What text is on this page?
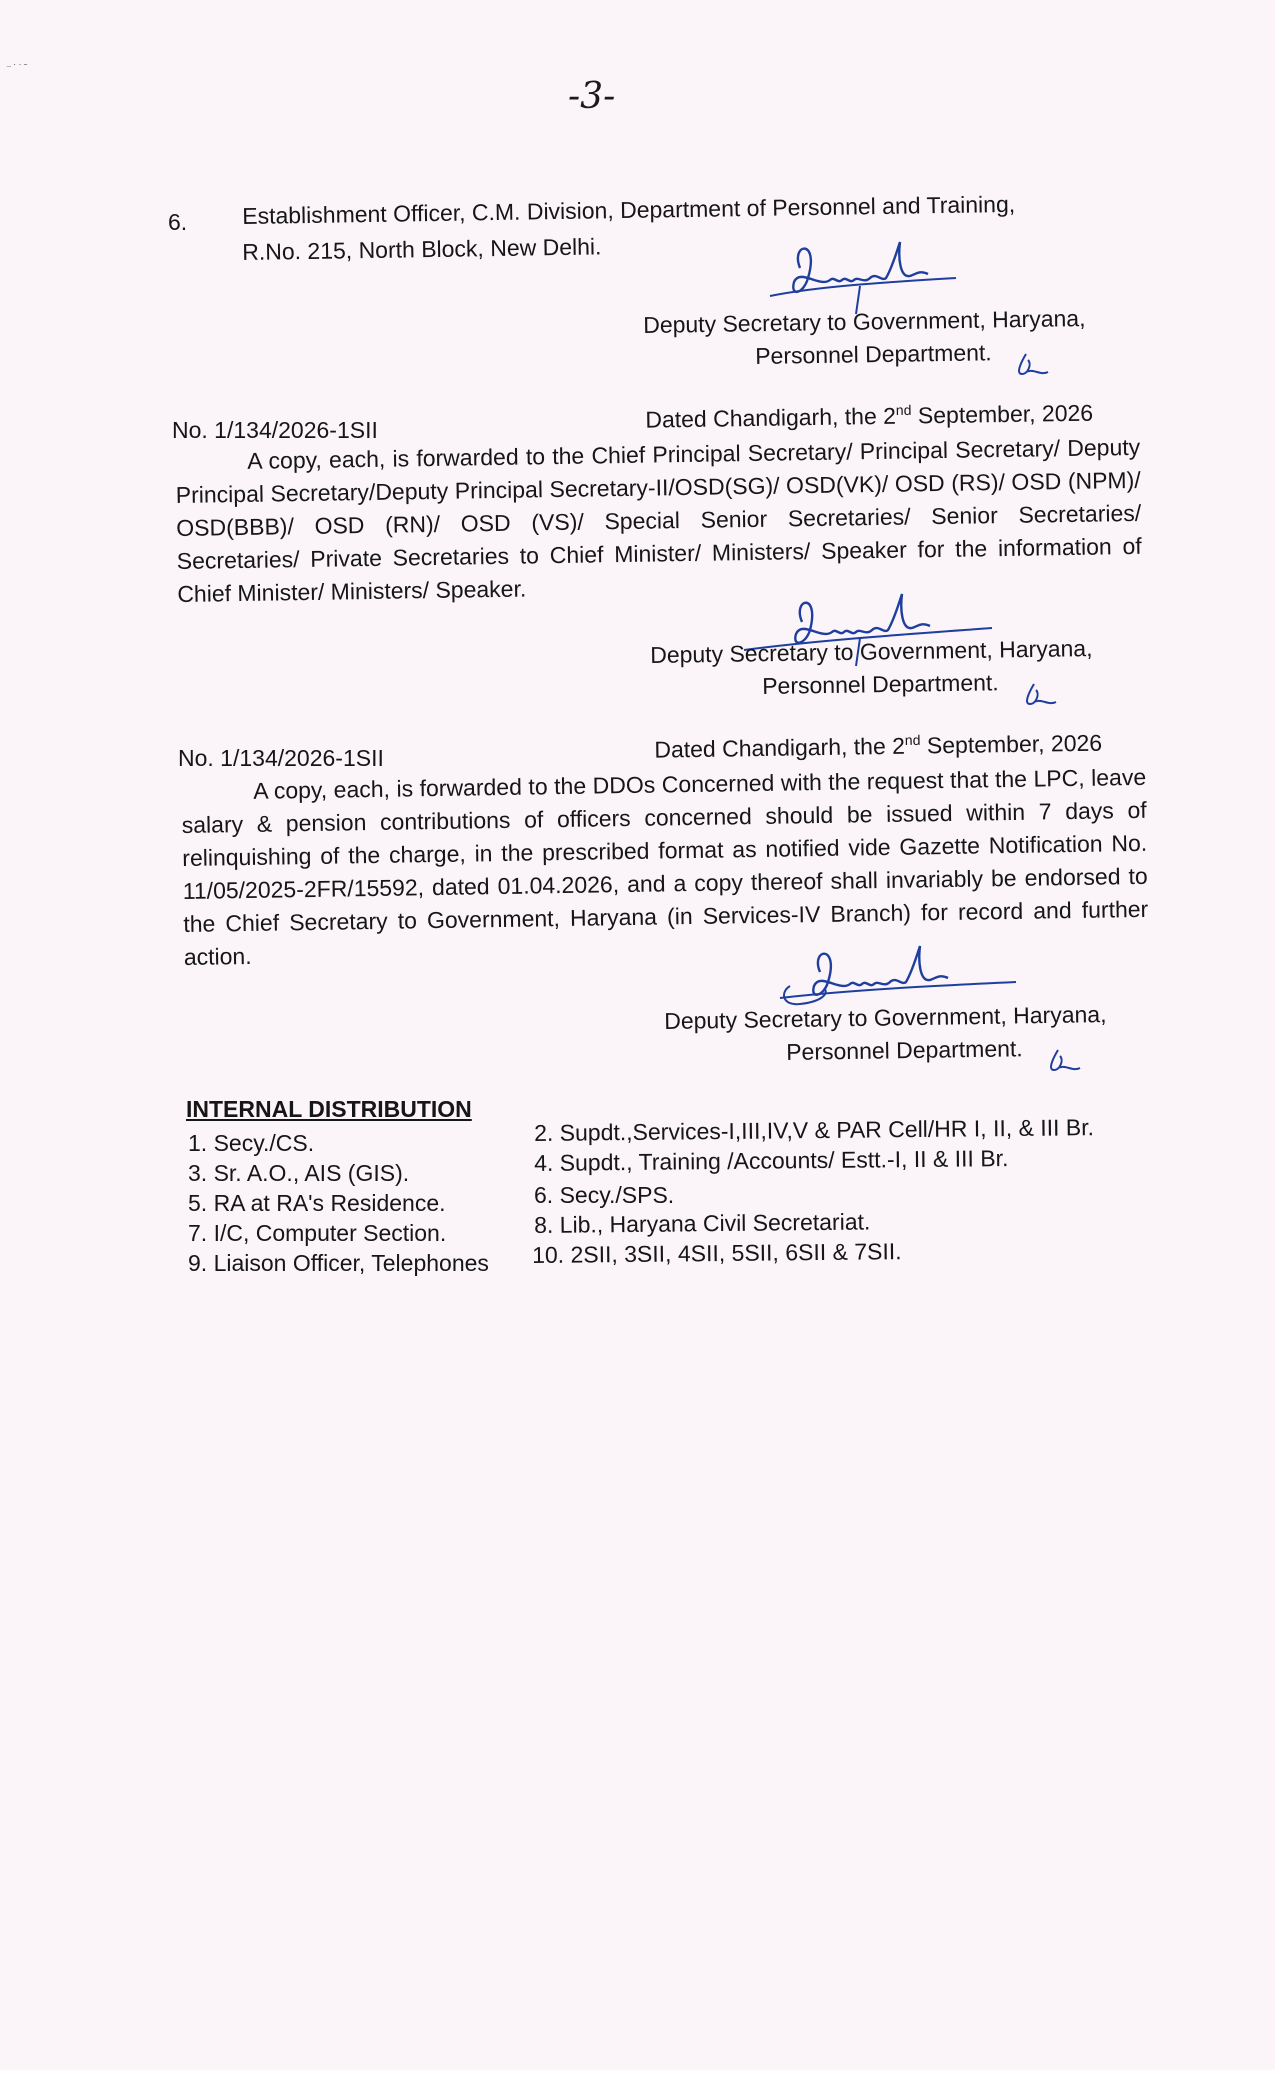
⁻˙˙ˉ
-3-
6. Establishment Officer, C.M. Division, Department of Personnel and Training,
R.No. 215, North Block, New Delhi.
Deputy Secretary to Government, Haryana,
Personnel Department.
No. 1/134/2026-1SII	Dated Chandigarh, the 2nd September, 2026
A copy, each, is forwarded to the Chief Principal Secretary/ Principal Secretary/ Deputy Principal Secretary/Deputy Principal Secretary-II/OSD(SG)/ OSD(VK)/ OSD (RS)/ OSD (NPM)/ OSD(BBB)/ OSD (RN)/ OSD (VS)/ Special Senior Secretaries/ Senior Secretaries/ Secretaries/ Private Secretaries to Chief Minister/ Ministers/ Speaker for the information of Chief Minister/ Ministers/ Speaker.
Deputy Secretary to Government, Haryana,
Personnel Department.
No. 1/134/2026-1SII	Dated Chandigarh, the 2nd September, 2026
A copy, each, is forwarded to the DDOs Concerned with the request that the LPC, leave salary & pension contributions of officers concerned should be issued within 7 days of relinquishing of the charge, in the prescribed format as notified vide Gazette Notification No. 11/05/2025-2FR/15592, dated 01.04.2026, and a copy thereof shall invariably be endorsed to the Chief Secretary to Government, Haryana (in Services-IV Branch) for record and further action.
Deputy Secretary to Government, Haryana,
Personnel Department.
INTERNAL DISTRIBUTION
1. Secy./CS.
3. Sr. A.O., AIS (GIS).
5. RA at RA's Residence.
7. I/C, Computer Section.
9. Liaison Officer, Telephones
2. Supdt.,Services-I,III,IV,V & PAR Cell/HR I, II, & III Br.
4. Supdt., Training /Accounts/ Estt.-I, II & III Br.
6. Secy./SPS.
8. Lib., Haryana Civil Secretariat.
10. 2SII, 3SII, 4SII, 5SII, 6SII & 7SII.
